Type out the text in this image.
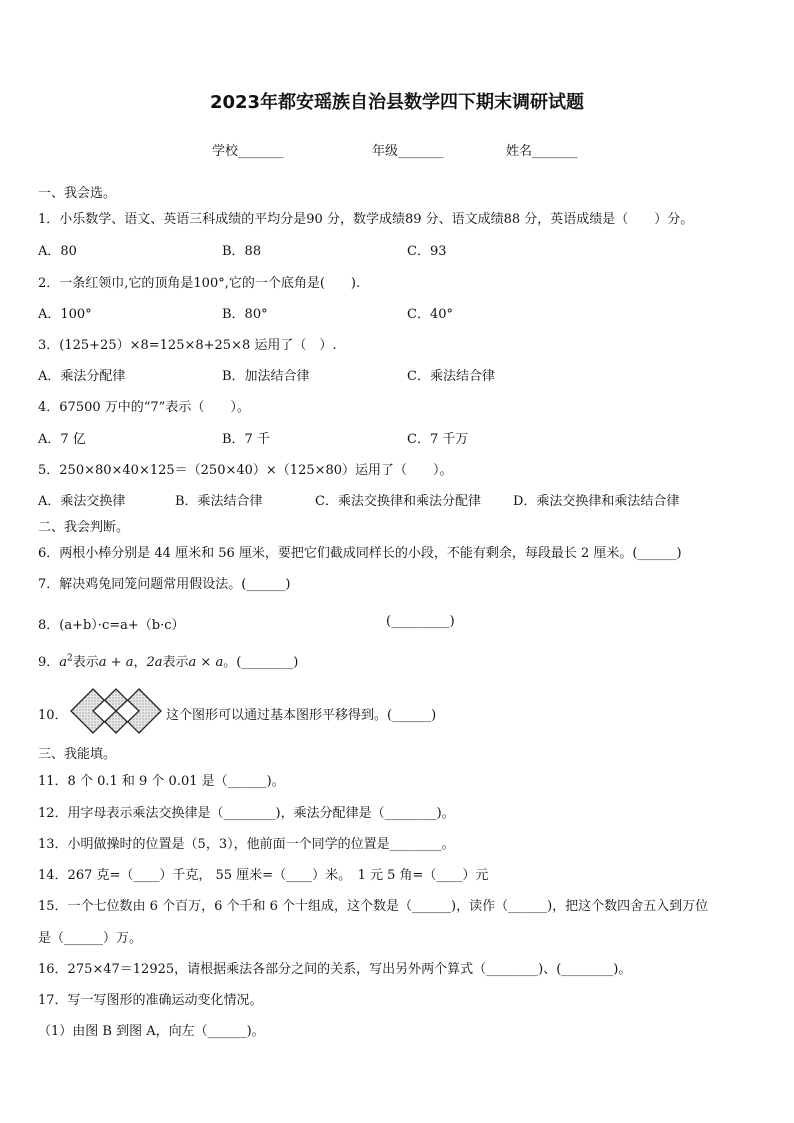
2023年都安瑶族自治县数学四下期末调研试题
学校_______	年级_______	姓名_______
一、我会选。
1．小乐数学、语文、英语三科成绩的平均分是90 分，数学成绩89 分、语文成绩88 分，英语成绩是（　　）分。
A．80	B．88	C．93
2．一条红领巾,它的顶角是100°,它的一个底角是(　　).
A．100°	B．80°	C．40°
3．(125+25）×8=125×8+25×8 运用了（　）.
A．乘法分配律	B．加法结合律	C．乘法结合律
4．67500 万中的“7”表示（　　）。
A．7 亿	B．7 千	C．7 千万
5．250×80×40×125＝（250×40）×（125×80）运用了（　　）。
A．乘法交换律	B．乘法结合律	C．乘法交换律和乘法分配律 D．乘法交换律和乘法结合律
二、我会判断。
6．两根小棒分别是 44 厘米和 56 厘米，要把它们截成同样长的小段，不能有剩余，每段最长 2 厘米。(______)
7．解决鸡兔同笼问题常用假设法。(______)
8．(a+b）·c=a+（b·c）	(_________)
9．$a^2$表示a + a，2a表示a × a。(________)
10．	这个图形可以通过基本图形平移得到。(______)
三、我能填。
11．8 个 0.1 和 9 个 0.01 是（______)。
12．用字母表示乘法交换律是（________)，乘法分配律是（________)。
13．小明做操时的位置是（5，3），他前面一个同学的位置是________。
14．267 克=（____）千克， 55 厘米=（____）米。　1 元 5 角=（____）元
15．一个七位数由 6 个百万，6 个千和 6 个十组成，这个数是（______)，读作（______)，把这个数四舍五入到万位
是（______）万。
16．275×47＝12925，请根据乘法各部分之间的关系，写出另外两个算式（________)、(________)。
17．写一写图形的准确运动变化情况。
（1）由图 B 到图 A，向左（______)。
